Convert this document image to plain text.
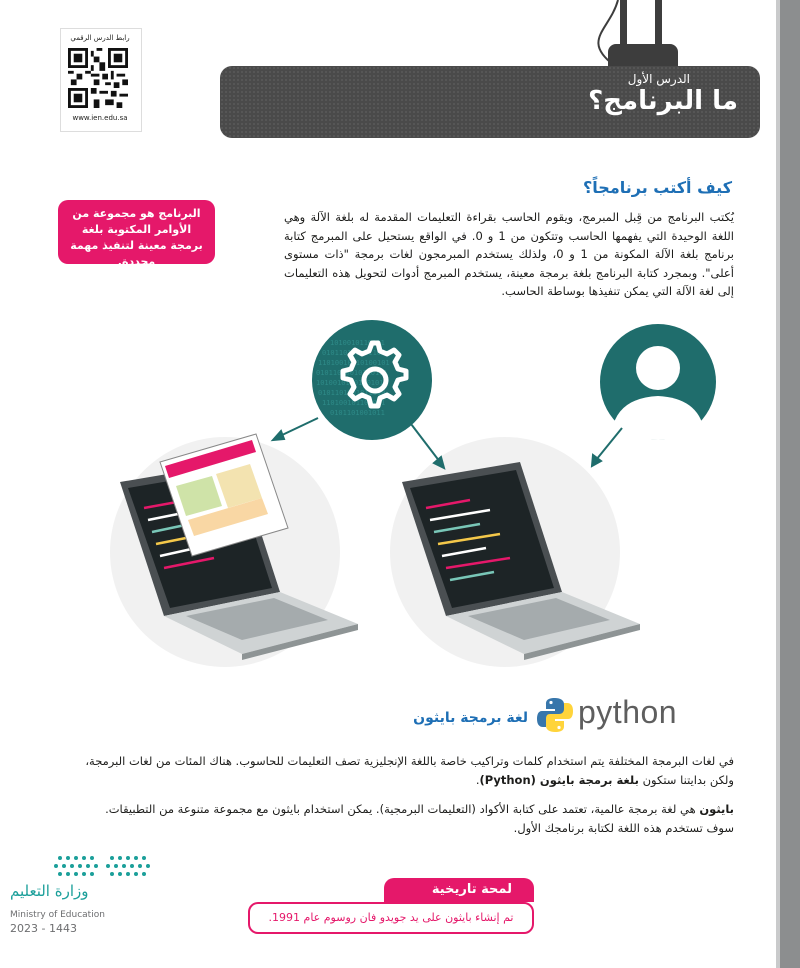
الدرس الأول
ما البرنامج؟
رابط الدرس الرقمي
www.ien.edu.sa
كيف أكتب برنامجاً؟
يُكتب البرنامج من قِبل المبرمج، ويقوم الحاسب بقراءة التعليمات المقدمة له بلغة الآلة وهي اللغة الوحيدة التي يفهمها الحاسب وتتكون من 1 و 0. في الواقع يستحيل على المبرمج كتابة برنامج بلغة الآلة المكونة من 1 و 0، ولذلك يستخدم المبرمجون لغات برمجة "ذات مستوى أعلى". وبمجرد كتابة البرنامج بلغة برمجة معينة، يستخدم المبرمج أدوات لتحويل هذه التعليمات إلى لغة الآلة التي يمكن تنفيذها بوساطة الحاسب.
البرنامج هو مجموعة من الأوامر المكتوبة بلغة برمجة معينة لتنفيذ مهمة محددة.
1010010110101
0101101001011010
11010010110100101
01011010010110101
10100101101001011
0101101001011010
110100101101001
0101101001011
python
لغة برمجة بايثون
في لغات البرمجة المختلفة يتم استخدام كلمات وتراكيب خاصة باللغة الإنجليزية تصف التعليمات للحاسوب. هناك المئات من لغات البرمجة، ولكن بدايتنا ستكون بلغة برمجة بايثون (Python).
بايثون هي لغة برمجة عالمية، تعتمد على كتابة الأكواد (التعليمات البرمجية). يمكن استخدام بايثون مع مجموعة متنوعة من التطبيقات. سوف تستخدم هذه اللغة لكتابة برنامجك الأول.
وزارة التعليم
Ministry of Education
2023 - 1443
لمحة تاريخية
تم إنشاء بايثون على يد جويدو فان روسوم عام 1991.
